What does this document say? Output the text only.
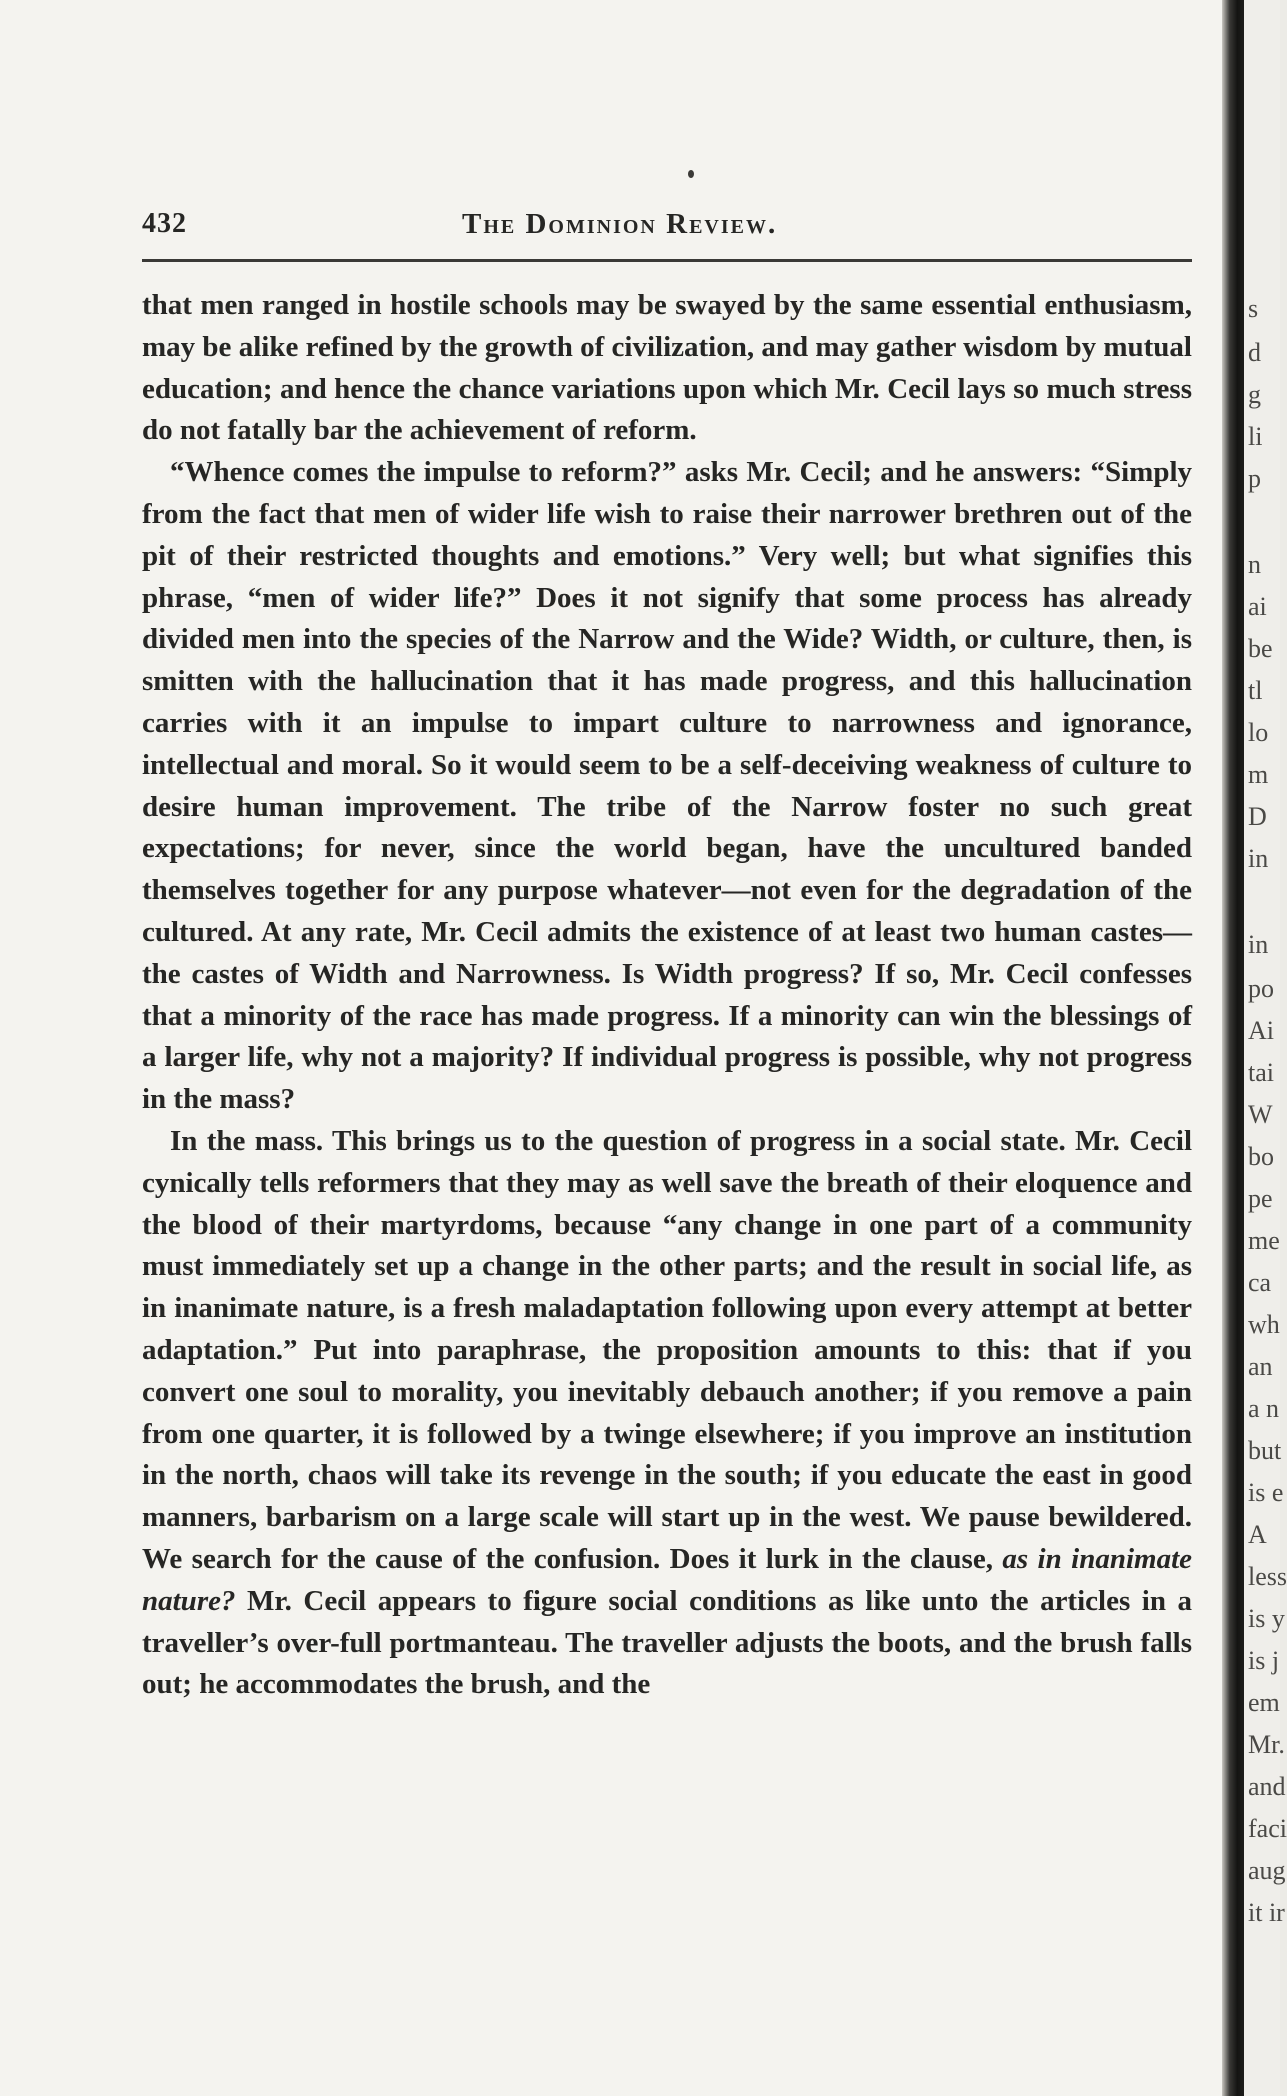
432	The Dominion Review.

that men ranged in hostile schools may be swayed by the same essential enthusiasm, may be alike refined by the growth of civilization, and may gather wisdom by mutual education; and hence the chance variations upon which Mr. Cecil lays so much stress do not fatally bar the achievement of reform.

“Whence comes the impulse to reform?” asks Mr. Cecil; and he answers: “Simply from the fact that men of wider life wish to raise their narrower brethren out of the pit of their restricted thoughts and emotions.” Very well; but what signifies this phrase, “men of wider life?” Does it not signify that some process has already divided men into the species of the Narrow and the Wide? Width, or culture, then, is smitten with the hallucination that it has made progress, and this hallucination carries with it an impulse to impart culture to narrowness and ignorance, intellectual and moral. So it would seem to be a self-deceiving weakness of culture to desire human improvement. The tribe of the Narrow foster no such great expectations; for never, since the world began, have the uncultured banded themselves together for any purpose whatever—not even for the degradation of the cultured. At any rate, Mr. Cecil admits the existence of at least two human castes—the castes of Width and Narrowness. Is Width progress? If so, Mr. Cecil confesses that a minority of the race has made progress. If a minority can win the blessings of a larger life, why not a majority? If individual progress is possible, why not progress in the mass?

In the mass. This brings us to the question of progress in a social state. Mr. Cecil cynically tells reformers that they may as well save the breath of their eloquence and the blood of their martyrdoms, because “any change in one part of a community must immediately set up a change in the other parts; and the result in social life, as in inanimate nature, is a fresh maladaptation following upon every attempt at better adaptation.” Put into paraphrase, the proposition amounts to this: that if you convert one soul to morality, you inevitably debauch another; if you remove a pain from one quarter, it is followed by a twinge elsewhere; if you improve an institution in the north, chaos will take its revenge in the south; if you educate the east in good manners, barbarism on a large scale will start up in the west. We pause bewildered. We search for the cause of the confusion. Does it lurk in the clause, as in inanimate nature? Mr. Cecil appears to figure social conditions as like unto the articles in a traveller’s over-full portmanteau. The traveller adjusts the boots, and the brush falls out; he accommodates the brush, and the

s
d
g
li
p
n
ai
be
tl
lo
m
D
in
in
po
Ai
tai
W
bo
pe
me
ca
wh
an
a n
but
is e
A
less
is y
is j
em
Mr.
and
faci
aug
it ir
